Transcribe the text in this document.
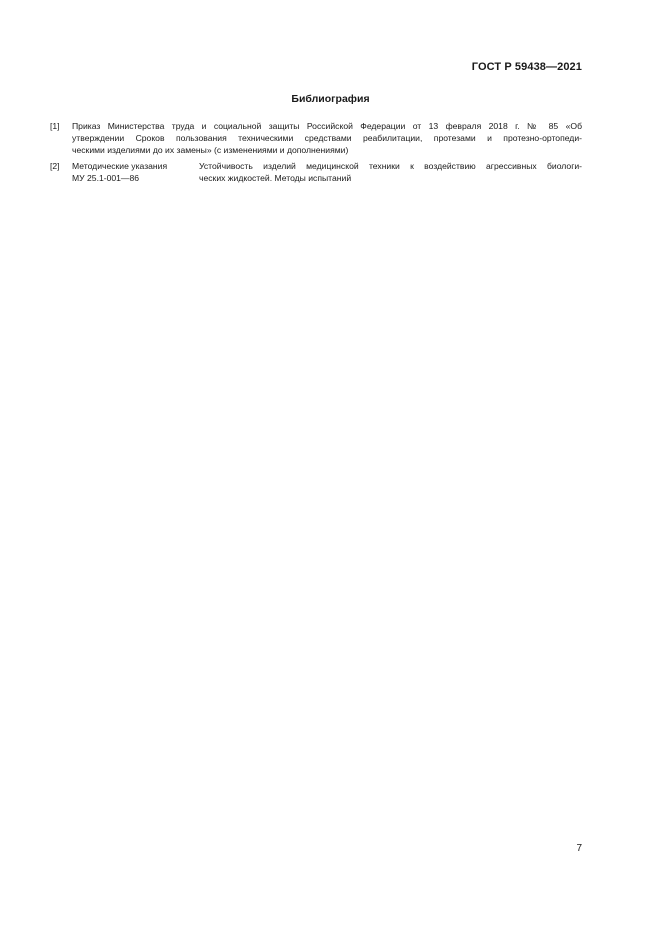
ГОСТ Р 59438—2021
Библиография
[1] Приказ Министерства труда и социальной защиты Российской Федерации от 13 февраля 2018 г. № 85 «Об
утверждении Сроков пользования техническими средствами реабилитации, протезами и протезно-ортопеди-
ческими изделиями до их замены» (с изменениями и дополнениями)
[2] Методические указания
МУ 25.1-001—86
Устойчивость изделий медицинской техники к воздействию агрессивных биологи-
ческих жидкостей. Методы испытаний
7
